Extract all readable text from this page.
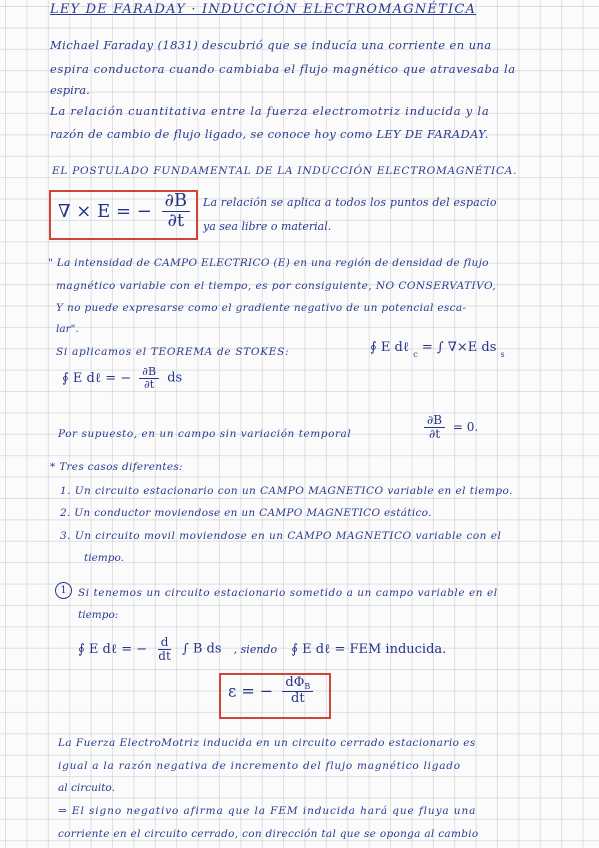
LEY DE FARADAY · INDUCCIÓN ELECTROMAGNÉTICA
Michael Faraday (1831) descubrió que se inducía una corriente en una
espira conductora cuando cambiaba el flujo magnético que atravesaba la
espira.
La relación cuantitativa entre la fuerza electromotriz inducida y la
razón de cambio de flujo ligado, se conoce hoy como LEY DE FARADAY.
EL POSTULADO FUNDAMENTAL DE LA INDUCCIÓN ELECTROMAGNÉTICA.
∇ × E = − $\frac{\partial B}{\partial t}$ La relación se aplica a todos los puntos del espacio
ya sea libre o material.
" La intensidad de CAMPO ELECTRICO (E) en una región de densidad de flujo
magnético variable con el tiempo, es por consiguiente, NO CONSERVATIVO,
Y no puede expresarse como el gradiente negativo de un potencial esca-
lar".
Si aplicamos el TEOREMA de STOKES:	∮ E dℓ $_c$ = ∫ ∇×E ds $_s$
∮ E dℓ = − $\frac{\partial B}{\partial t}$ ds
Por supuesto, en un campo sin variación temporal	$\frac{\partial B}{\partial t} = 0$.
* Tres casos diferentes:
1. Un circuito estacionario con un CAMPO MAGNETICO variable en el tiempo.
2. Un conductor moviendose en un CAMPO MAGNETICO estático.
3. Un circuito movil moviendose en un CAMPO MAGNETICO variable con el
tiempo.
1	Si tenemos un circuito estacionario sometido a un campo variable en el
tiempo:
∮ E dℓ = − $\frac{d}{dt}$ ∫ B ds , siendo ∮ E dℓ = FEM inducida.
ε = − $\frac{d\Phi_B}{dt}$
La Fuerza ElectroMotriz inducida en un circuito cerrado estacionario es
igual a la razón negativa de incremento del flujo magnético ligado
al circuito.
⇒ El signo negativo afirma que la FEM inducida hará que fluya una
corriente en el circuito cerrado, con dirección tal que se oponga al cambio
